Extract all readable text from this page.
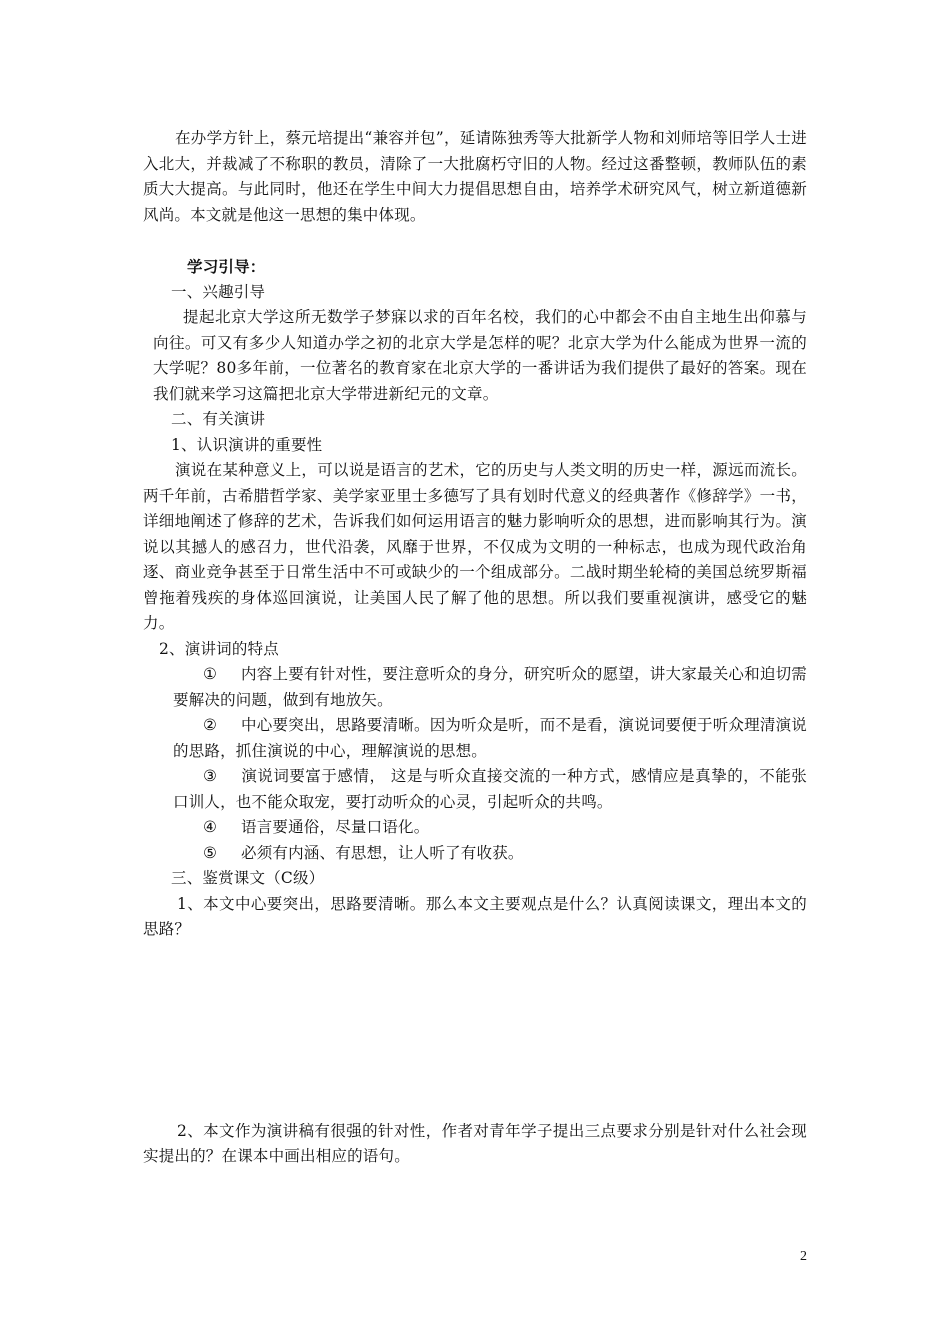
在办学方针上，蔡元培提出“兼容并包”，延请陈独秀等大批新学人物和刘师培等旧学人士进入北大，并裁减了不称职的教员，清除了一大批腐朽守旧的人物。经过这番整顿，教师队伍的素质大大提高。与此同时，他还在学生中间大力提倡思想自由，培养学术研究风气，树立新道德新风尚。本文就是他这一思想的集中体现。

学习引导：

一、兴趣引导

提起北京大学这所无数学子梦寐以求的百年名校，我们的心中都会不由自主地生出仰慕与向往。可又有多少人知道办学之初的北京大学是怎样的呢？北京大学为什么能成为世界一流的大学呢？80多年前，一位著名的教育家在北京大学的一番讲话为我们提供了最好的答案。现在我们就来学习这篇把北京大学带进新纪元的文章。

二、有关演讲

1、认识演讲的重要性

演说在某种意义上，可以说是语言的艺术，它的历史与人类文明的历史一样，源远而流长。两千年前，古希腊哲学家、美学家亚里士多德写了具有划时代意义的经典著作《修辞学》一书，详细地阐述了修辞的艺术，告诉我们如何运用语言的魅力影响听众的思想，进而影响其行为。演说以其撼人的感召力，世代沿袭，风靡于世界，不仅成为文明的一种标志，也成为现代政治角逐、商业竞争甚至于日常生活中不可或缺少的一个组成部分。二战时期坐轮椅的美国总统罗斯福曾拖着残疾的身体巡回演说，让美国人民了解了他的思想。所以我们要重视演讲，感受它的魅力。

2、演讲词的特点

① 内容上要有针对性，要注意听众的身分，研究听众的愿望，讲大家最关心和迫切需要解决的问题，做到有地放矢。

② 中心要突出，思路要清晰。因为听众是听，而不是看，演说词要便于听众理清演说的思路，抓住演说的中心，理解演说的思想。

③ 演说词要富于感情， 这是与听众直接交流的一种方式，感情应是真挚的，不能张口训人，也不能众取宠，要打动听众的心灵，引起听众的共鸣。

④ 语言要通俗，尽量口语化。

⑤ 必须有内涵、有思想，让人听了有收获。

三、鉴赏课文（C级）

1、本文中心要突出，思路要清晰。那么本文主要观点是什么？认真阅读课文，理出本文的思路？

2、本文作为演讲稿有很强的针对性，作者对青年学子提出三点要求分别是针对什么社会现实提出的？在课本中画出相应的语句。

2
